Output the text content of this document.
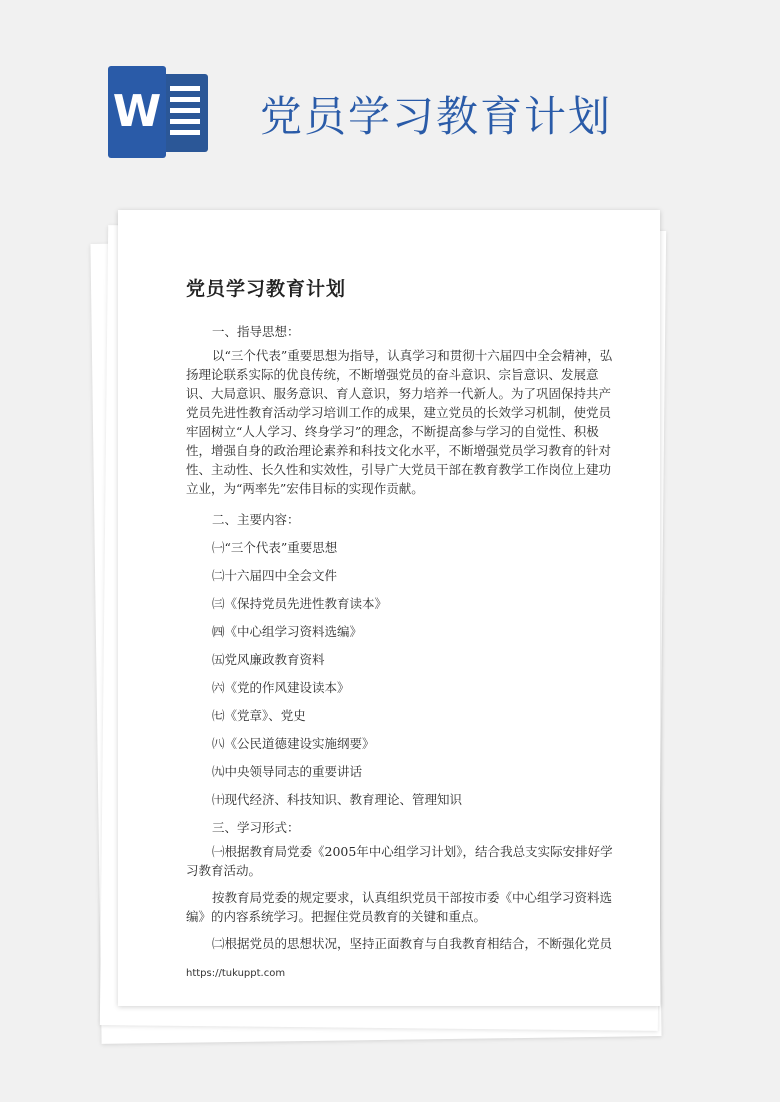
W 党员学习教育计划
党员学习教育计划

一、指导思想：

以“三个代表”重要思想为指导，认真学习和贯彻十六届四中全会精神，弘扬理论联系实际的优良传统，不断增强党员的奋斗意识、宗旨意识、发展意识、大局意识、服务意识、育人意识，努力培养一代新人。为了巩固保持共产党员先进性教育活动学习培训工作的成果，建立党员的长效学习机制，使党员牢固树立“人人学习、终身学习”的理念，不断提高参与学习的自觉性、积极性，增强自身的政治理论素养和科技文化水平，不断增强党员学习教育的针对性、主动性、长久性和实效性，引导广大党员干部在教育教学工作岗位上建功立业，为“两率先”宏伟目标的实现作贡献。

二、主要内容：

㈠“三个代表”重要思想

㈡十六届四中全会文件

㈢《保持党员先进性教育读本》

㈣《中心组学习资料选编》

㈤党风廉政教育资料

㈥《党的作风建设读本》

㈦《党章》、党史

㈧《公民道德建设实施纲要》

㈨中央领导同志的重要讲话

㈩现代经济、科技知识、教育理论、管理知识

三、学习形式：

㈠根据教育局党委《2005年中心组学习计划》，结合我总支实际安排好学习教育活动。

按教育局党委的规定要求，认真组织党员干部按市委《中心组学习资料选编》的内容系统学习。把握住党员教育的关键和重点。

㈡根据党员的思想状况，坚持正面教育与自我教育相结合，不断强化党员

https://tukuppt.com
